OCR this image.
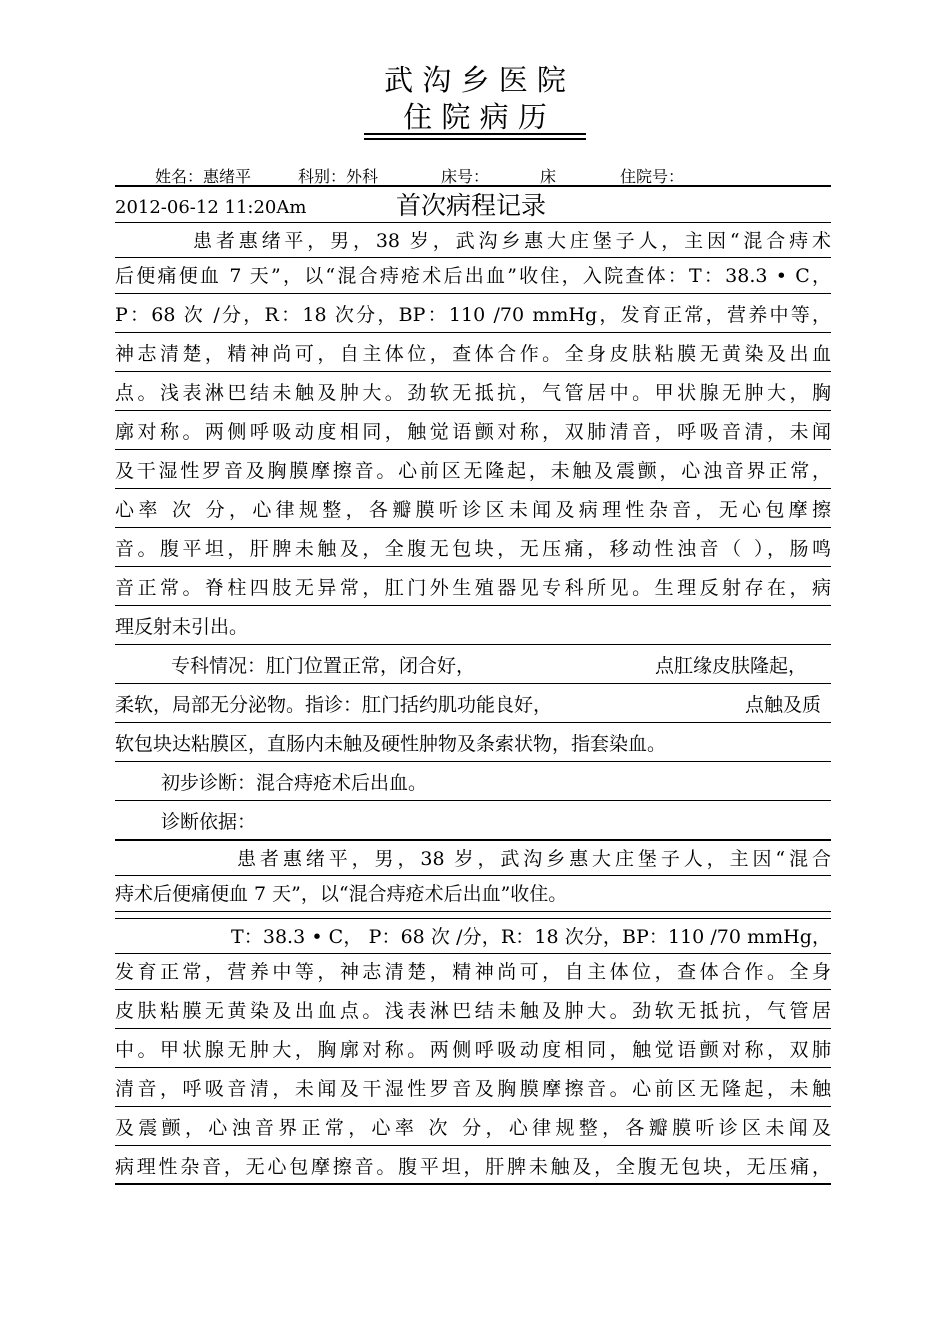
武 沟 乡 医 院
住 院 病 历
姓名：惠绪平	科别：外科	床号：	床	住院号：
2012-06-12 11:20Am	首次病程记录
患者惠绪平，男，38 岁，武沟乡惠大庄堡子人，主因“混合痔术
后便痛便血 7 天”，以“混合痔疮术后出血”收住，入院查体：T：38.3 • C，
P：68 次 /分，R：18 次分，BP：110 /70 mmHg，发育正常，营养中等，
神志清楚，精神尚可，自主体位，查体合作。全身皮肤粘膜无黄染及出血
点。浅表淋巴结未触及肿大。劲软无抵抗，气管居中。甲状腺无肿大，胸
廓对称。两侧呼吸动度相同，触觉语颤对称，双肺清音，呼吸音清，未闻
及干湿性罗音及胸膜摩擦音。心前区无隆起，未触及震颤，心浊音界正常，
心率 次 分，心律规整，各瓣膜听诊区未闻及病理性杂音，无心包摩擦
音。腹平坦，肝脾未触及，全腹无包块，无压痛，移动性浊音（ ），肠鸣
音正常。脊柱四肢无异常，肛门外生殖器见专科所见。生理反射存在，病
理反射未引出。
专科情况：肛门位置正常，闭合好，	点肛缘皮肤隆起，
柔软，局部无分泌物。指诊：肛门括约肌功能良好，	点触及质
软包块达粘膜区，直肠内未触及硬性肿物及条索状物，指套染血。
初步诊断：混合痔疮术后出血。
诊断依据：
患者惠绪平，男，38 岁，武沟乡惠大庄堡子人，主因“混合
痔术后便痛便血 7 天”，以“混合痔疮术后出血”收住。
T：38.3 • C， P：68 次 /分，R：18 次分，BP：110 /70 mmHg，
发育正常，营养中等，神志清楚，精神尚可，自主体位，查体合作。全身
皮肤粘膜无黄染及出血点。浅表淋巴结未触及肿大。劲软无抵抗，气管居
中。甲状腺无肿大，胸廓对称。两侧呼吸动度相同，触觉语颤对称，双肺
清音，呼吸音清，未闻及干湿性罗音及胸膜摩擦音。心前区无隆起，未触
及震颤，心浊音界正常，心率 次 分，心律规整，各瓣膜听诊区未闻及
病理性杂音，无心包摩擦音。腹平坦，肝脾未触及，全腹无包块，无压痛，
